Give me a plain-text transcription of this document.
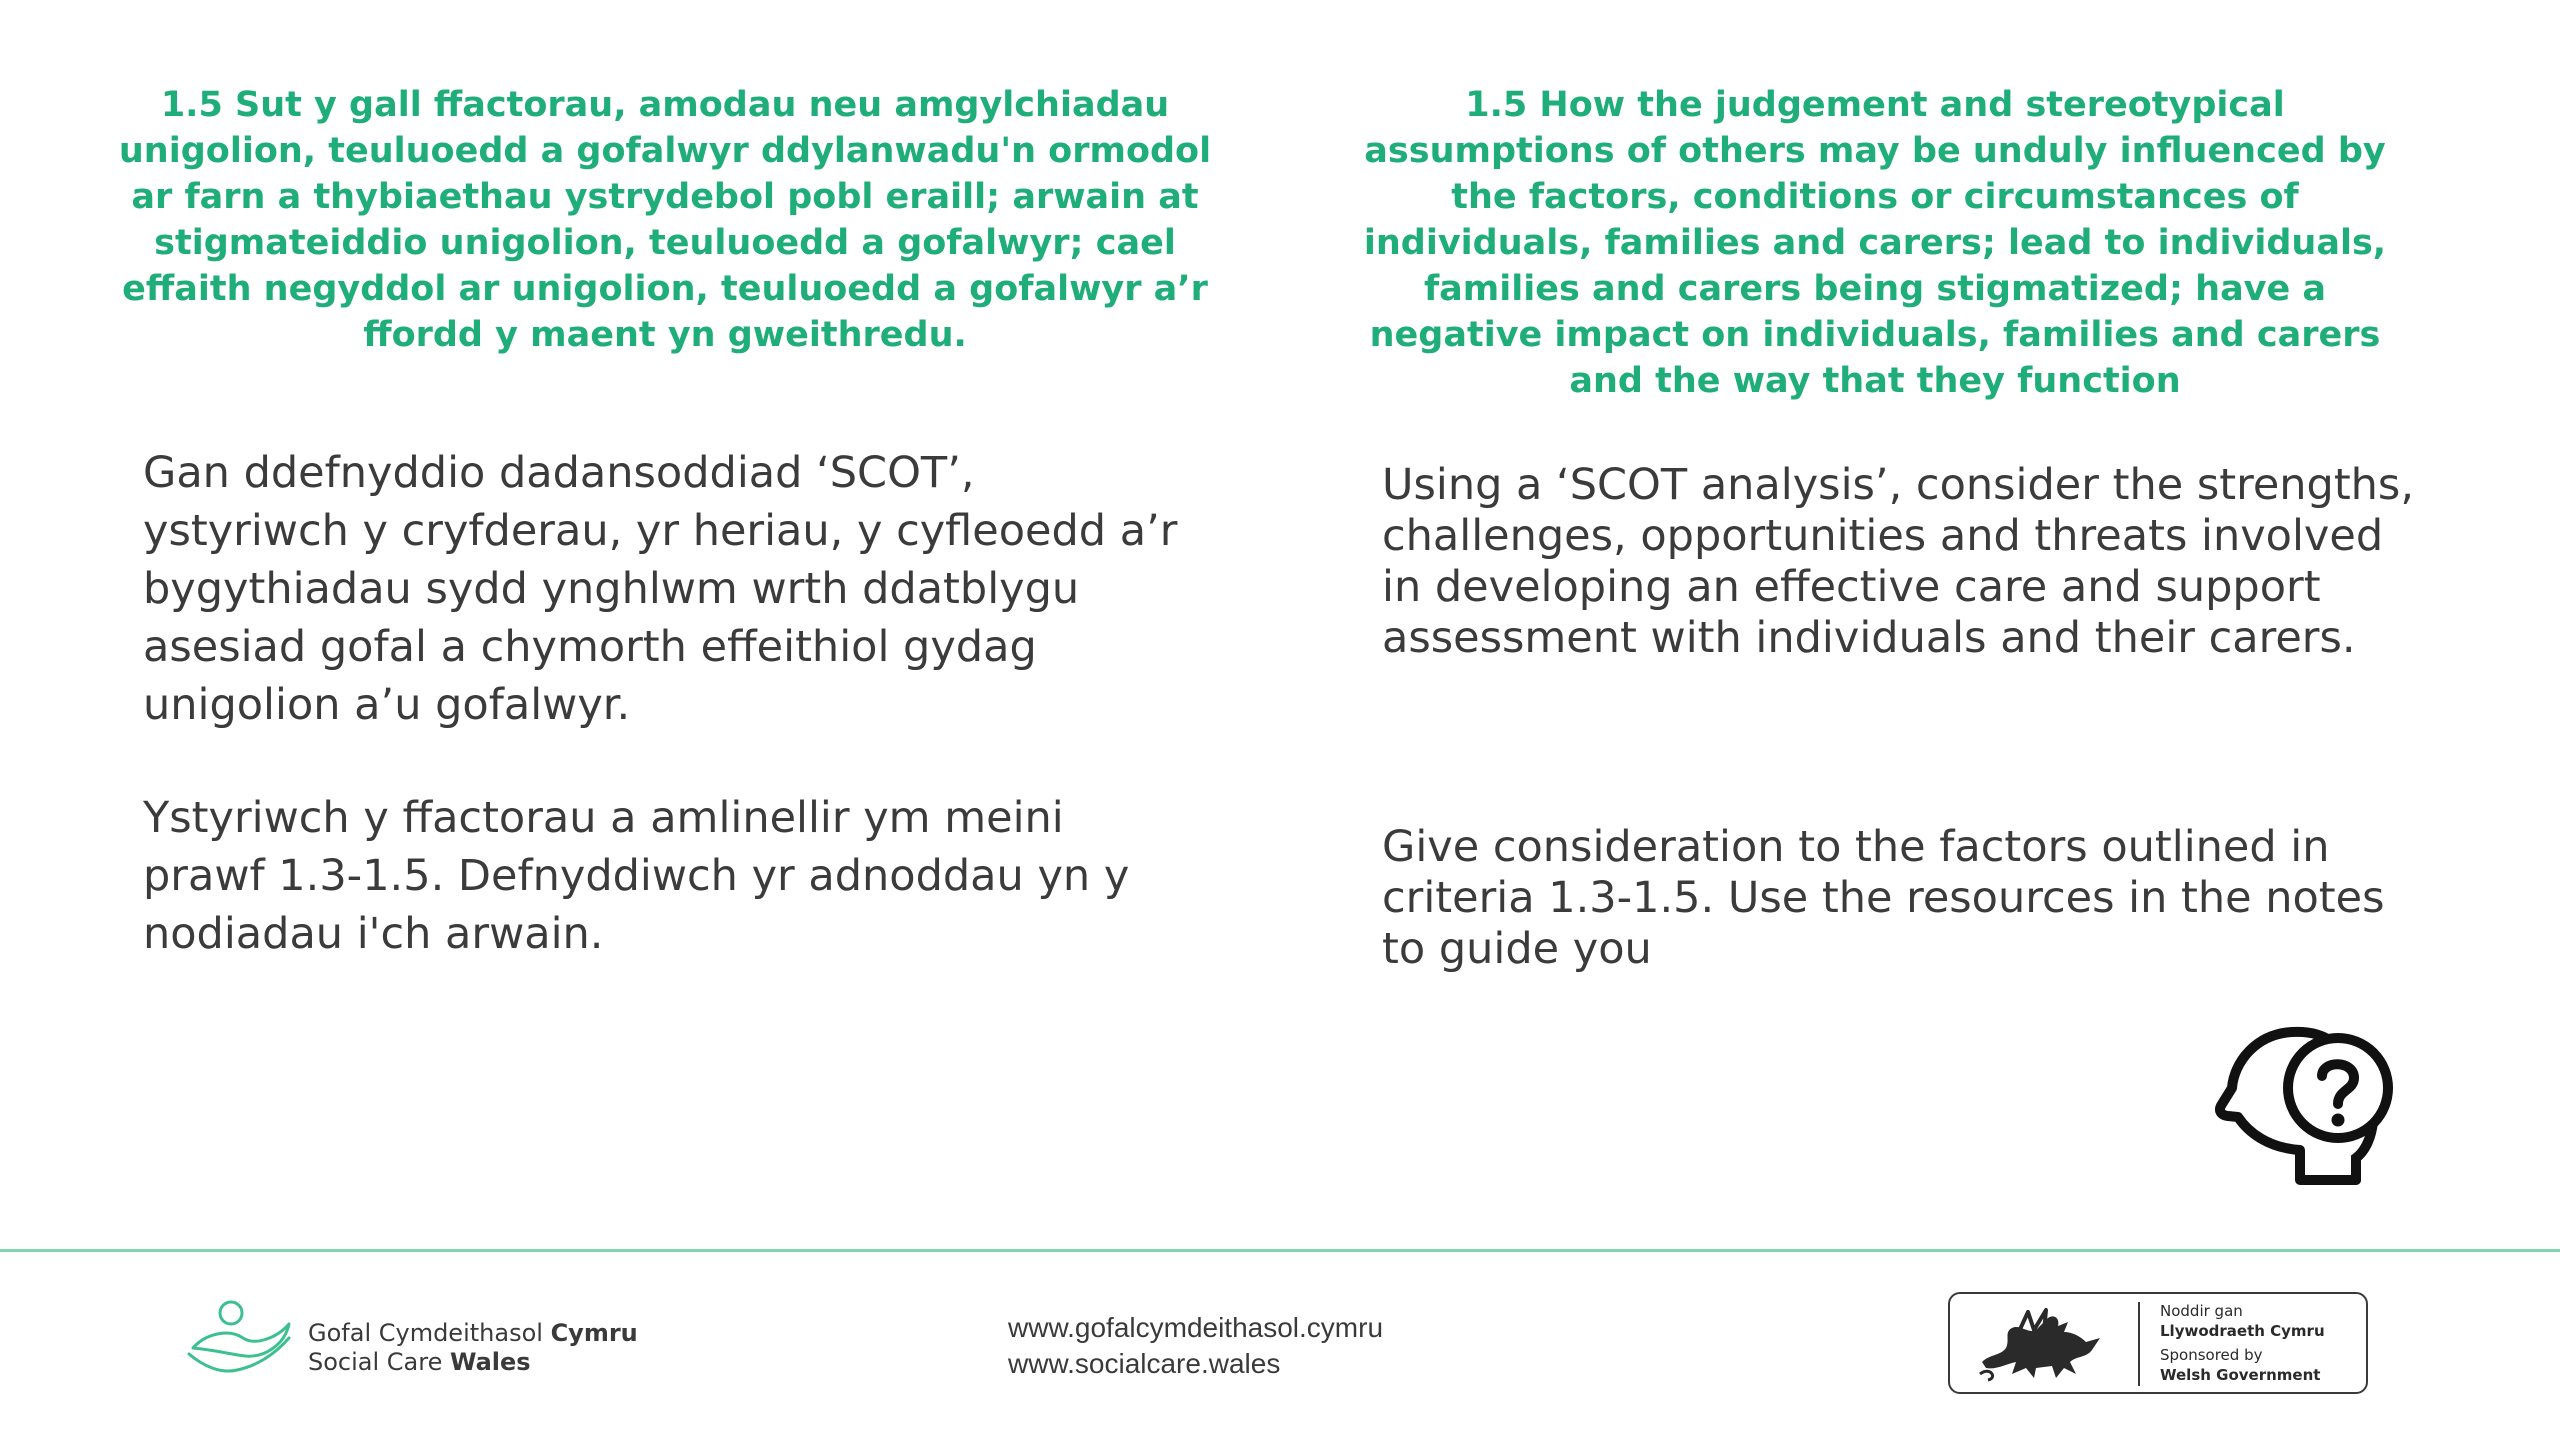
1.5 Sut y gall ffactorau, amodau neu amgylchiadau unigolion, teuluoedd a gofalwyr ddylanwadu'n ormodol ar farn a thybiaethau ystrydebol pobl eraill; arwain at stigmateiddio unigolion, teuluoedd a gofalwyr; cael effaith negyddol ar unigolion, teuluoedd a gofalwyr a’r ffordd y maent yn gweithredu.
1.5 How the judgement and stereotypical assumptions of others may be unduly influenced by the factors, conditions or circumstances of individuals, families and carers; lead to individuals, families and carers being stigmatized; have a negative impact on individuals, families and carers and the way that they function

Gan ddefnyddio dadansoddiad ‘SCOT’, ystyriwch y cryfderau, yr heriau, y cyfleoedd a’r bygythiadau sydd ynghlwm wrth ddatblygu asesiad gofal a chymorth effeithiol gydag unigolion a’u gofalwyr.

Ystyriwch y ffactorau a amlinellir ym meini prawf 1.3-1.5. Defnyddiwch yr adnoddau yn y nodiadau i'ch arwain.

Using a ‘SCOT analysis’, consider the strengths, challenges, opportunities and threats involved in developing an effective care and support assessment with individuals and their carers.

Give consideration to the factors outlined in criteria 1.3-1.5. Use the resources in the notes to guide you

Gofal Cymdeithasol Cymru
Social Care Wales
www.gofalcymdeithasol.cymru
www.socialcare.wales
Noddir gan
Llywodraeth Cymru
Sponsored by
Welsh Government
